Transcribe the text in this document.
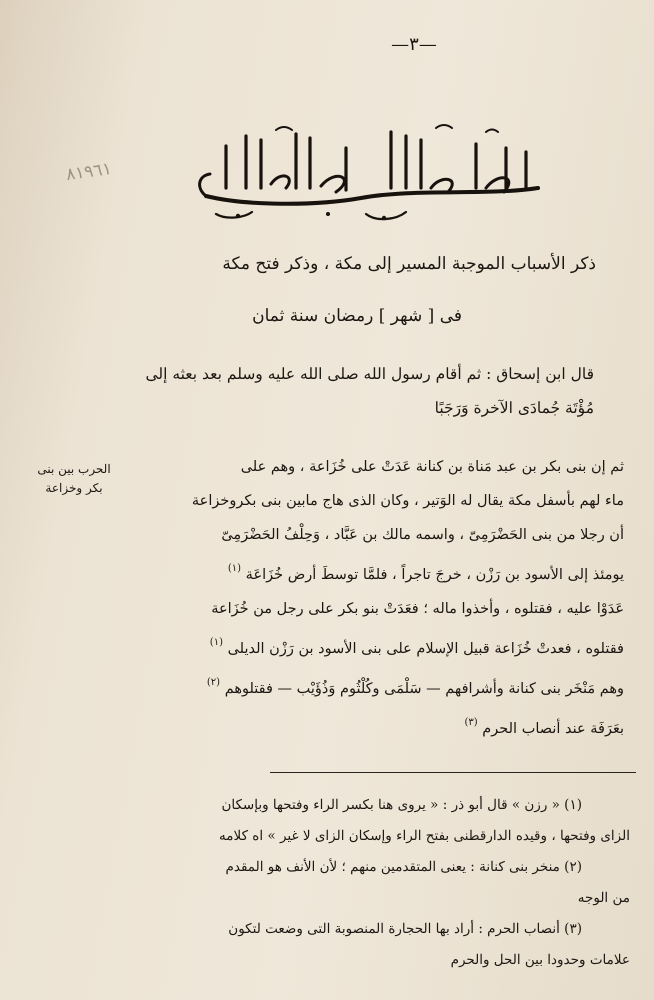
—٣—
٨١٩٦١
ذكر الأسباب الموجبة المسير إلى مكة ، وذكر فتح مكة
فى [ شهر ] رمضان سنة ثمان
قال ابن إسحاق : ثم أقام رسول الله صلى الله عليه وسلم بعد بعثه إلى
مُؤْتَة جُمادَى الآخرة وَرَجَبًا
الحرب بين بنى
بكر وخزاعة
ثم إن بنى بكر بن عبد مَناة بن كنانة عَدَتْ على خُزَاعة ، وهم على
ماء لهم بأسفل مكة يقال له الوَتير ، وكان الذى هاج مابين بنى بكروخزاعة
أن رجلا من بنى الحَضْرَمِىّ ، واسمه مالك بن عَبَّاد ، وَحِلْفُ الحَضْرَمِىّ
يومئذ إلى الأسود بن رَزْن ، خرجَ تاجراً ، فلمَّا توسطَ أرض خُزَاعَة $^{(١)}$
عَدَوْا عليه ، فقتلوه ، وأخذوا ماله ؛ فعَدَتْ بنو بكر على رجل من خُزَاعة
فقتلوه ، فعدتْ خُزَاعة قبيل الإسلام على بنى الأسود بن رَزْن الديلى $^{(١)}$
وهم مَنْخَر بنى كنانة وأشرافهم — سَلْمَى وكُلْثُوم وَذُؤَيْب — فقتلوهم $^{(٢)}$
بعَرَفَة عند أنصاب الحرم $^{(٣)}$
(١) « رزن » قال أبو ذر : « يروى هنا بكسر الراء وفتحها وبإسكان
الزاى وفتحها ، وقيده الدارقطنى بفتح الراء وإسكان الزاى لا غير » اه كلامه
(٢) منخر بنى كنانة : يعنى المتقدمين منهم ؛ لأن الأنف هو المقدم
من الوجه
(٣) أنصاب الحرم : أراد بها الحجارة المنصوبة التى وضعت لتكون
علامات وحدودا بين الحل والحرم
